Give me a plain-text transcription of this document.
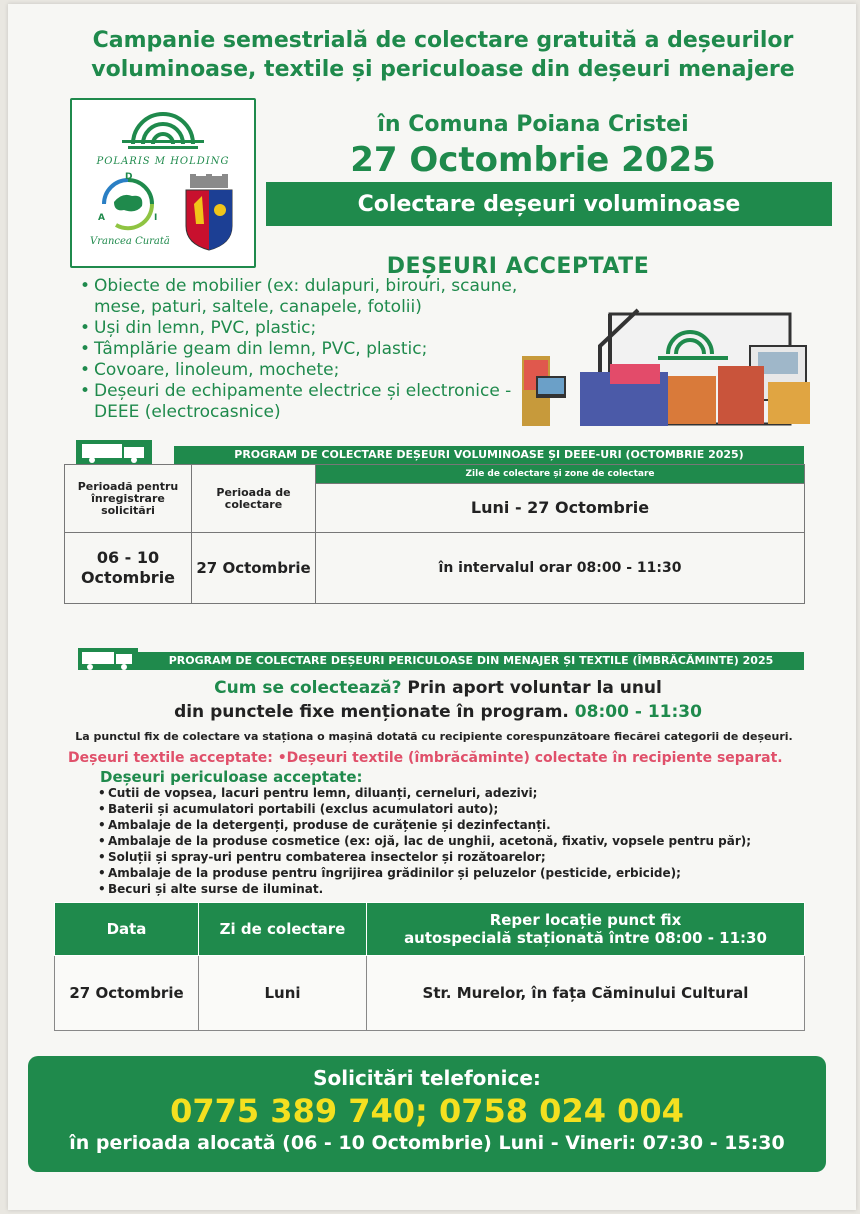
Campanie semestrială de colectare gratuită a deșeurilor
voluminoase, textile și periculoase din deșeuri menajere
în Comuna Poiana Cristei
27 Octombrie 2025
POLARIS M HOLDING
D
A	I
Vrancea Curată
Colectare deșeuri voluminoase
DEȘEURI ACCEPTATE
• Obiecte de mobilier (ex: dulapuri, birouri, scaune, mese, paturi, saltele, canapele, fotolii)
• Uși din lemn, PVC, plastic;
• Tâmplărie geam din lemn, PVC, plastic;
• Covoare, linoleum, mochete;
• Deșeuri de echipamente electrice și electronice - DEEE (electrocasnice)
PROGRAM DE COLECTARE DEȘEURI VOLUMINOASE ȘI DEEE-URI (OCTOMBRIE 2025)
Perioadă pentru înregistrare solicitări	Perioada de colectare	Zile de colectare și zone de colectare
		Luni - 27 Octombrie
06 - 10 Octombrie	27 Octombrie	în intervalul orar 08:00 - 11:30
PROGRAM DE COLECTARE DEȘEURI PERICULOASE DIN MENAJER ȘI TEXTILE (ÎMBRĂCĂMINTE) 2025
Cum se colectează? Prin aport voluntar la unul
din punctele fixe menționate în program. 08:00 - 11:30
La punctul fix de colectare va staționa o mașină dotată cu recipiente corespunzătoare fiecărei categorii de deșeuri.
Deșeuri textile acceptate: •Deșeuri textile (îmbrăcăminte) colectate în recipiente separat.
Deșeuri periculoase acceptate:
• Cutii de vopsea, lacuri pentru lemn, diluanți, cerneluri, adezivi;
• Baterii și acumulatori portabili (exclus acumulatori auto);
• Ambalaje de la detergenți, produse de curățenie și dezinfectanți.
• Ambalaje de la produse cosmetice (ex: ojă, lac de unghii, acetonă, fixativ, vopsele pentru păr);
• Soluții și spray-uri pentru combaterea insectelor și rozătoarelor;
• Ambalaje de la produse pentru îngrijirea grădinilor și peluzelor (pesticide, erbicide);
• Becuri și alte surse de iluminat.
Data	Zi de colectare	Reper locație punct fix
autospecială staționată între 08:00 - 11:30

27 Octombrie	Luni	Str. Murelor, în fața Căminului Cultural
Solicitări telefonice:
0775 389 740; 0758 024 004
în perioada alocată (06 - 10 Octombrie) Luni - Vineri: 07:30 - 15:30
